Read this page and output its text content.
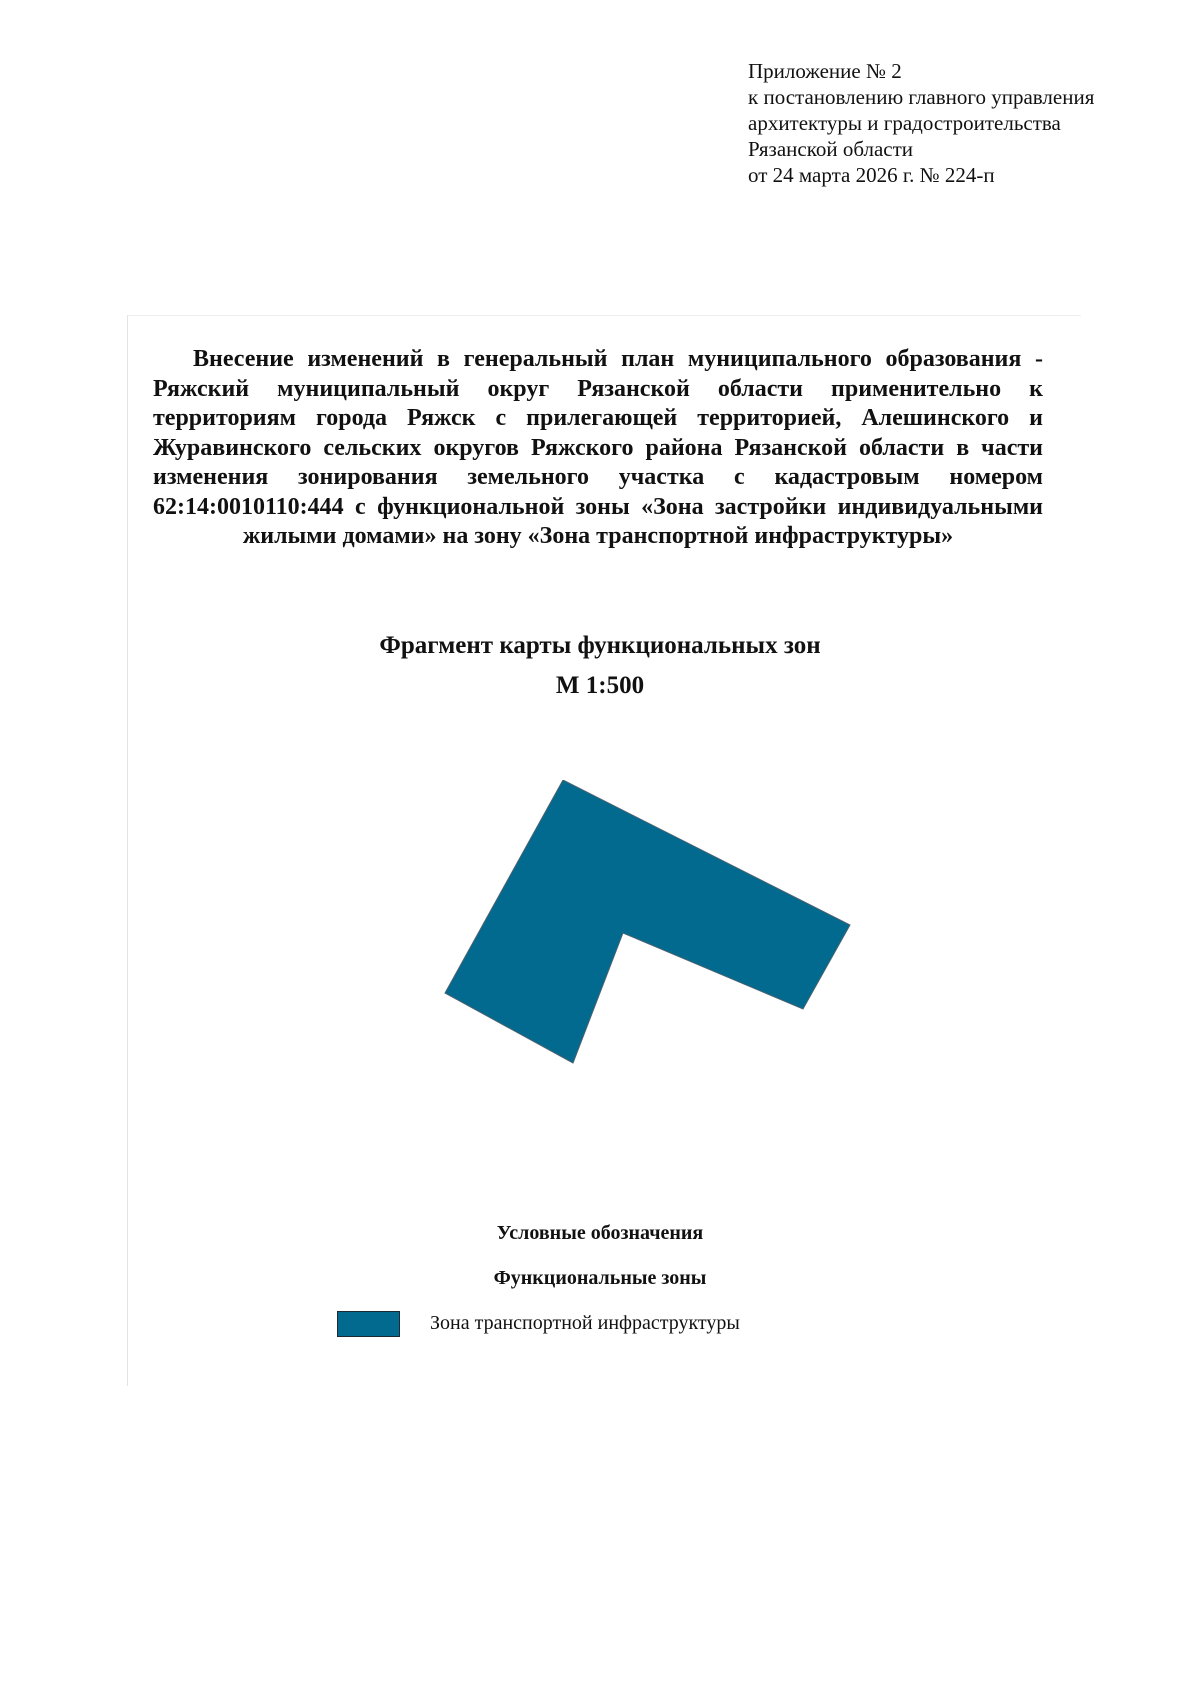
Приложение № 2
к постановлению главного управления
архитектуры и градостроительства
Рязанской области
от 24 марта 2026 г. № 224-п
Внесение изменений в генеральный план муниципального образования - Ряжский муниципальный округ Рязанской области применительно к территориям города Ряжск с прилегающей территорией, Алешинского и Журавинского сельских округов Ряжского района Рязанской области в части изменения зонирования земельного участка с кадастровым номером 62:14:0010110:444 с функциональной зоны «Зона застройки индивидуальными жилыми домами» на зону «Зона транспортной инфраструктуры»
Фрагмент карты функциональных зон
М 1:500
Условные обозначения
Функциональные зоны
Зона транспортной инфраструктуры
